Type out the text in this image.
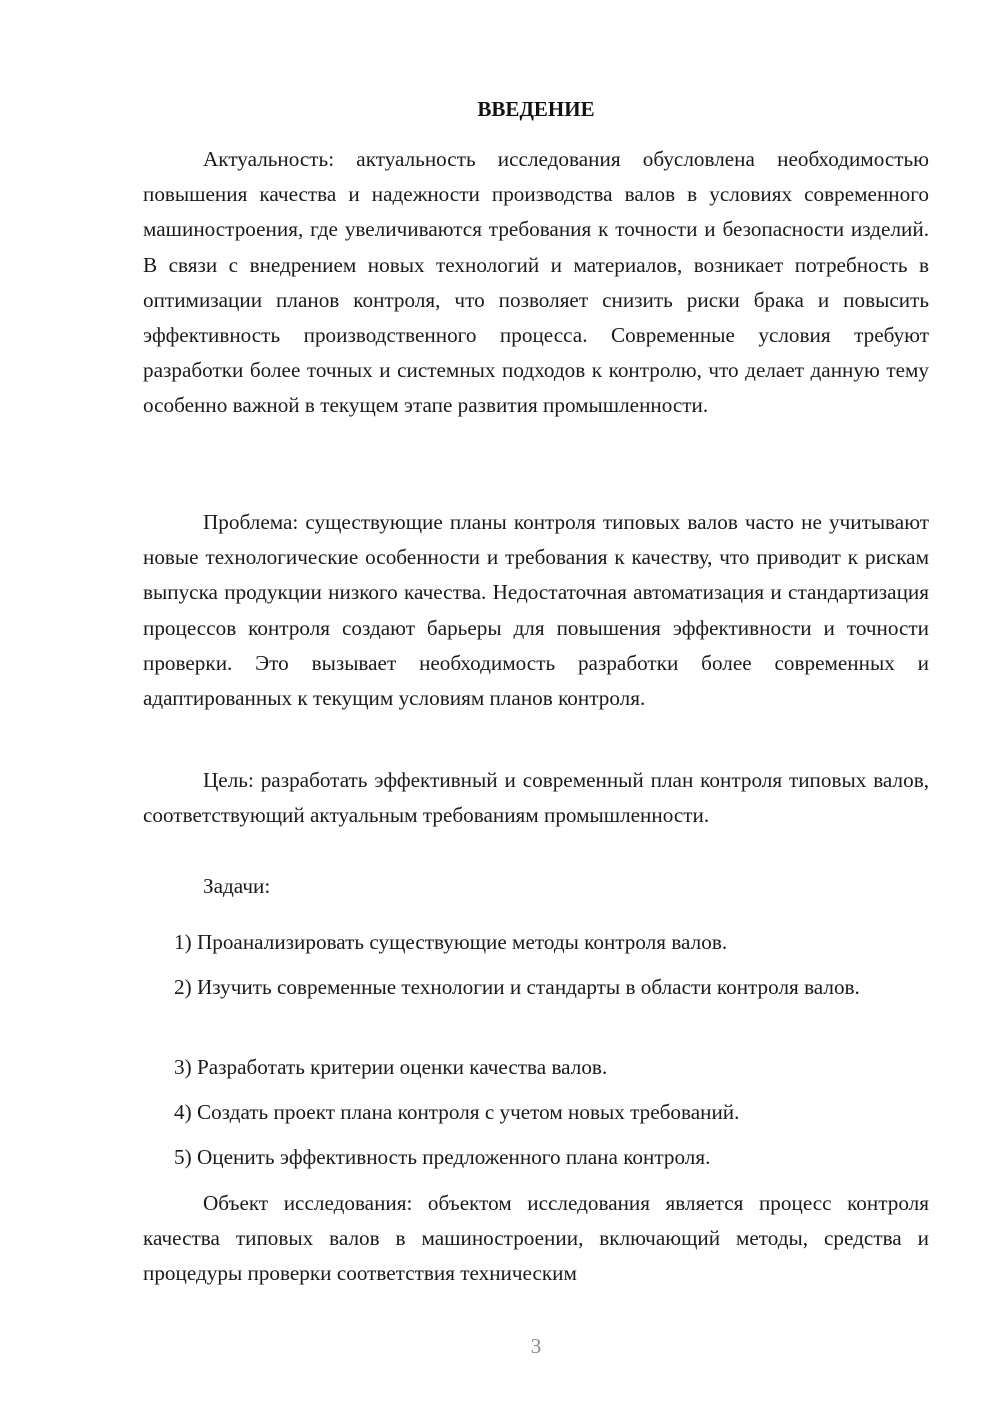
ВВЕДЕНИЕ

Актуальность: актуальность исследования обусловлена необходимостью повышения качества и надежности производства валов в условиях современного машиностроения, где увеличиваются требования к точности и безопасности изделий. В связи с внедрением новых технологий и материалов, возникает потребность в оптимизации планов контроля, что позволяет снизить риски брака и повысить эффективность производственного процесса. Современные условия требуют разработки более точных и системных подходов к контролю, что делает данную тему особенно важной в текущем этапе развития промышленности.

Проблема: существующие планы контроля типовых валов часто не учитывают новые технологические особенности и требования к качеству, что приводит к рискам выпуска продукции низкого качества. Недостаточная автоматизация и стандартизация процессов контроля создают барьеры для повышения эффективности и точности проверки. Это вызывает необходимость разработки более современных и адаптированных к текущим условиям планов контроля.

Цель: разработать эффективный и современный план контроля типовых валов, соответствующий актуальным требованиям промышленности.

Задачи:

1) Проанализировать существующие методы контроля валов.

2) Изучить современные технологии и стандарты в области контроля валов.

3) Разработать критерии оценки качества валов.

4) Создать проект плана контроля с учетом новых требований.

5) Оценить эффективность предложенного плана контроля.

Объект исследования: объектом исследования является процесс контроля качества типовых валов в машиностроении, включающий методы, средства и процедуры проверки соответствия техническим

3
